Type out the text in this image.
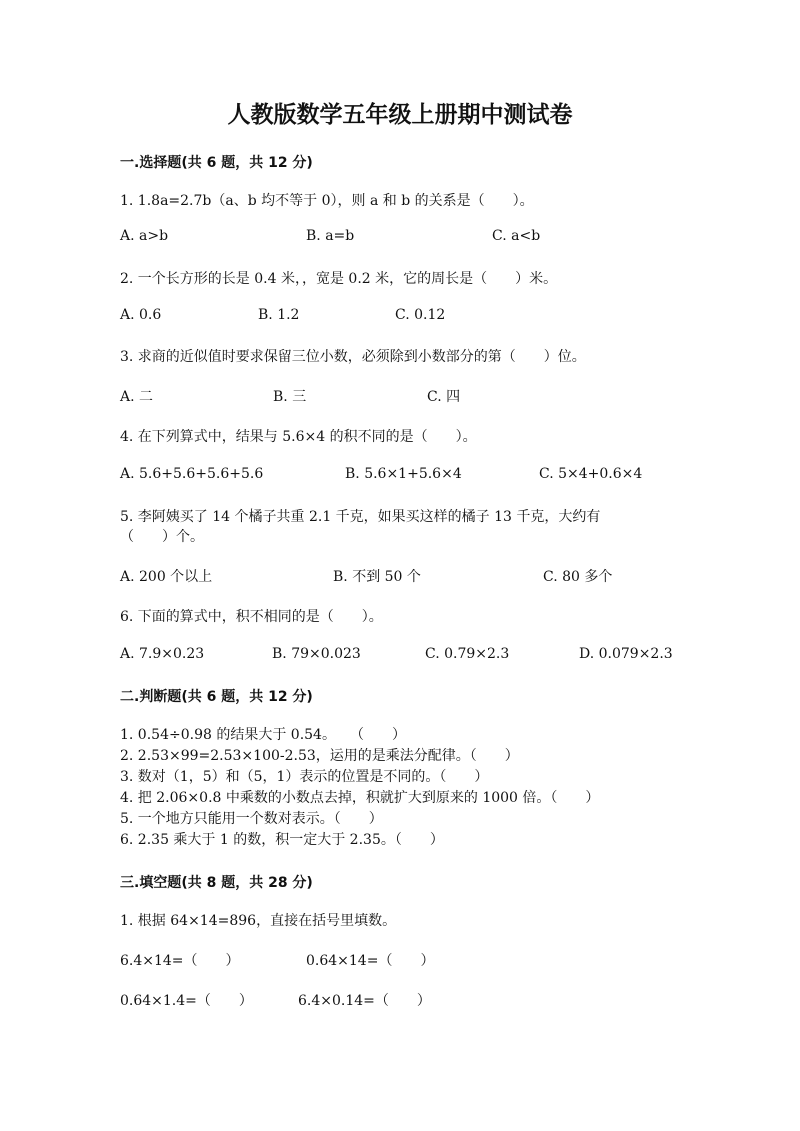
人教版数学五年级上册期中测试卷
一.选择题(共 6 题，共 12 分)
1. 1.8a=2.7b（a、b 均不等于 0），则 a 和 b 的关系是（　　）。
A. a>b	B. a=b	C. a<b
2. 一个长方形的长是 0.4 米，，宽是 0.2 米，它的周长是（　　）米。
A. 0.6	B. 1.2	C. 0.12
3. 求商的近似值时要求保留三位小数，必须除到小数部分的第（　　）位。
A. 二	B. 三	C. 四
4. 在下列算式中，结果与 5.6×4 的积不同的是（　　）。
A. 5.6+5.6+5.6+5.6	B. 5.6×1+5.6×4	C. 5×4+0.6×4
5. 李阿姨买了 14 个橘子共重 2.1 千克，如果买这样的橘子 13 千克，大约有
（　　）个。
A. 200 个以上	B. 不到 50 个	C. 80 多个
6. 下面的算式中，积不相同的是（　　）。
A. 7.9×0.23	B. 79×0.023	C. 0.79×2.3	D. 0.079×2.3
二.判断题(共 6 题，共 12 分)
1. 0.54÷0.98 的结果大于 0.54。　　（　　）
2. 2.53×99=2.53×100-2.53，运用的是乘法分配律。（　　）
3. 数对（1，5）和（5，1）表示的位置是不同的。（　　）
4. 把 2.06×0.8 中乘数的小数点去掉，积就扩大到原来的 1000 倍。（　　）
5. 一个地方只能用一个数对表示。（　　）
6. 2.35 乘大于 1 的数，积一定大于 2.35。（　　）
三.填空题(共 8 题，共 28 分)
1. 根据 64×14=896，直接在括号里填数。
6.4×14=（　　）	0.64×14=（　　）
0.64×1.4=（　　）	6.4×0.14=（　　）
